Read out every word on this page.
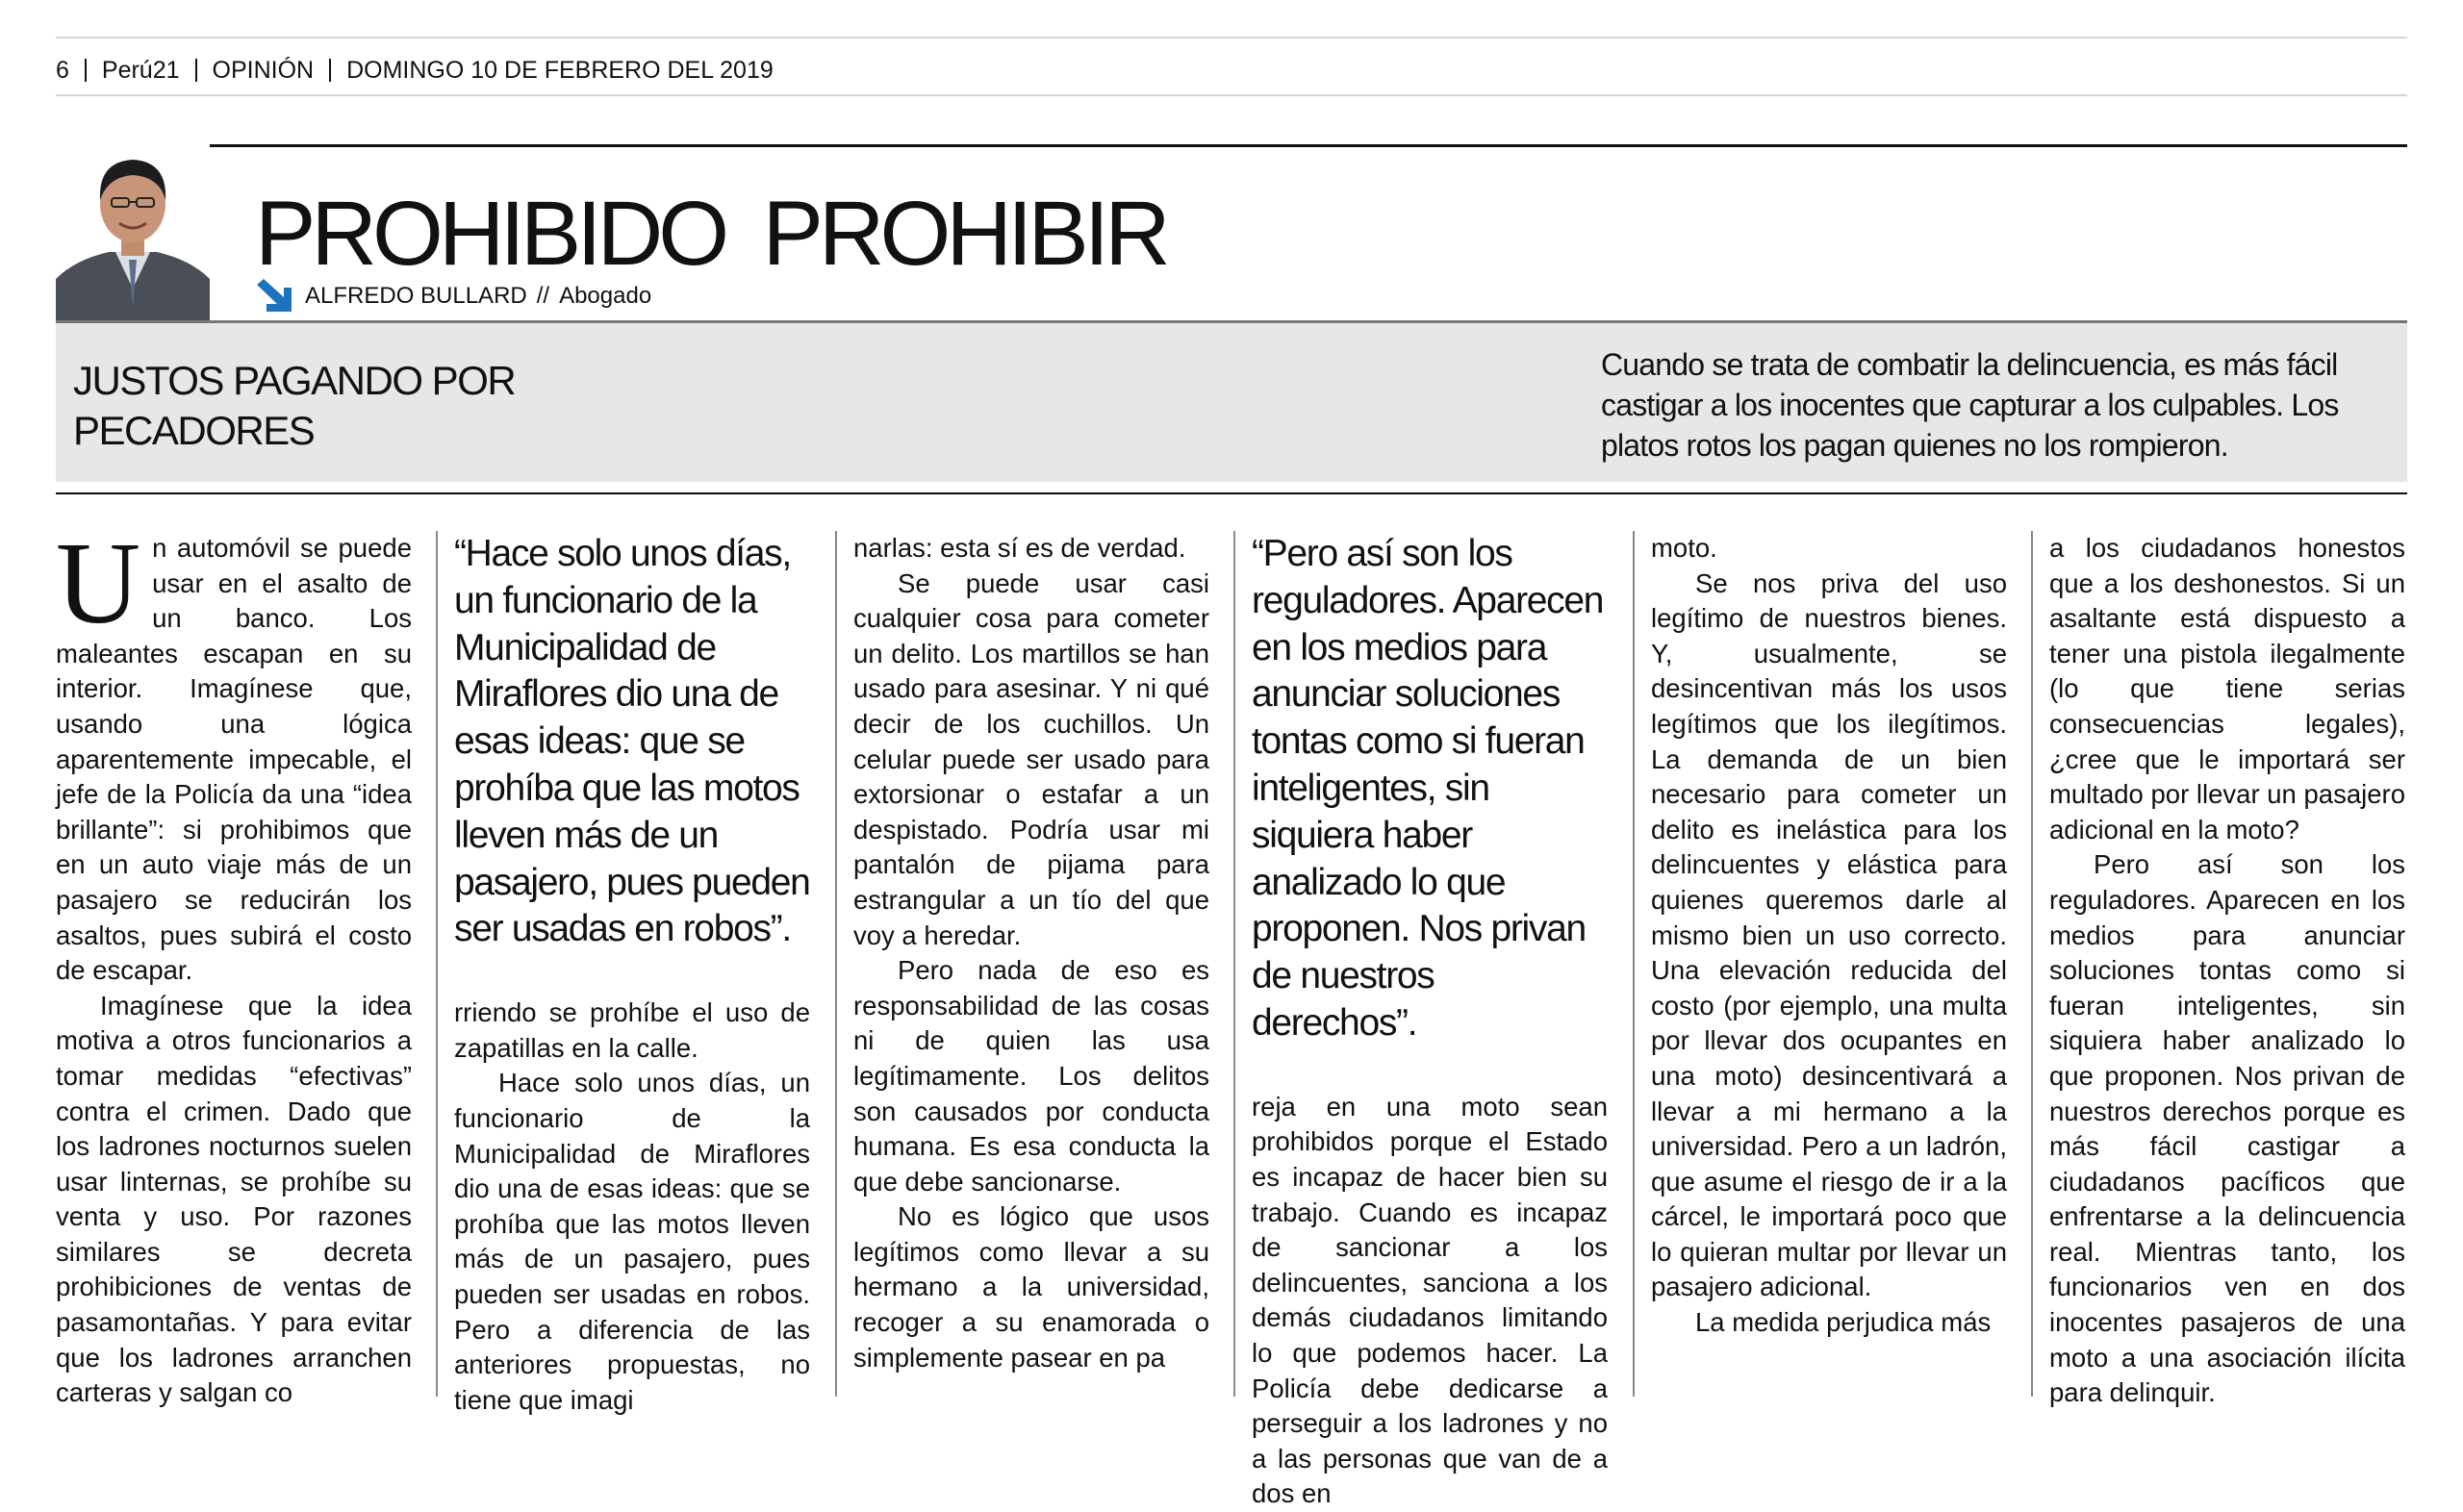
6 Perú21 OPINIÓN DOMINGO 10 DE FEBRERO DEL 2019
PROHIBIDO PROHIBIR
ALFREDO BULLARD // Abogado
JUSTOS PAGANDO POR PECADORES

Cuando se trata de combatir la delincuencia, es más fácil castigar a los inocentes que capturar a los culpables. Los platos rotos los pagan quienes no los rompieron.

Un automóvil se puede usar en el asalto de un banco. Los maleantes escapan en su interior. Imagínese que, usando una lógica aparentemente impecable, el jefe de la Policía da una “idea brillante”: si prohibimos que en un auto viaje más de un pasajero se reducirán los asaltos, pues subirá el costo de escapar.

Imagínese que la idea motiva a otros funcionarios a tomar medidas “efectivas” contra el crimen. Dado que los ladrones nocturnos suelen usar linternas, se prohíbe su venta y uso. Por razones similares se decreta prohibiciones de ventas de pasamontañas. Y para evitar que los ladrones arranchen carteras y salgan co

“Hace solo unos días, un funcionario de la Municipalidad de Miraflores dio una de esas ideas: que se prohíba que las motos lleven más de un pasajero, pues pueden ser usadas en robos”.

rriendo se prohíbe el uso de zapatillas en la calle.

Hace solo unos días, un funcionario de la Municipalidad de Miraflores dio una de esas ideas: que se prohíba que las motos lleven más de un pasajero, pues pueden ser usadas en robos. Pero a diferencia de las anteriores propuestas, no tiene que imagi

narlas: esta sí es de verdad.

Se puede usar casi cualquier cosa para cometer un delito. Los martillos se han usado para asesinar. Y ni qué decir de los cuchillos. Un celular puede ser usado para extorsionar o estafar a un despistado. Podría usar mi pantalón de pijama para estrangular a un tío del que voy a heredar.

Pero nada de eso es responsabilidad de las cosas ni de quien las usa legítimamente. Los delitos son causados por conducta humana. Es esa conducta la que debe sancionarse.

No es lógico que usos legítimos como llevar a su hermano a la universidad, recoger a su enamorada o simplemente pasear en pa

“Pero así son los reguladores. Aparecen en los medios para anunciar soluciones tontas como si fueran inteligentes, sin siquiera haber analizado lo que proponen. Nos privan de nuestros derechos”.

reja en una moto sean prohibidos porque el Estado es incapaz de hacer bien su trabajo. Cuando es incapaz de sancionar a los delincuentes, sanciona a los demás ciudadanos limitando lo que podemos hacer. La Policía debe dedicarse a perseguir a los ladrones y no a las personas que van de a dos en

moto.

Se nos priva del uso legítimo de nuestros bienes. Y, usualmente, se desincentivan más los usos legítimos que los ilegítimos. La demanda de un bien necesario para cometer un delito es inelástica para los delincuentes y elástica para quienes queremos darle al mismo bien un uso correcto. Una elevación reducida del costo (por ejemplo, una multa por llevar dos ocupantes en una moto) desincentivará a llevar a mi hermano a la universidad. Pero a un ladrón, que asume el riesgo de ir a la cárcel, le importará poco que lo quieran multar por llevar un pasajero adicional.

La medida perjudica más

a los ciudadanos honestos que a los deshonestos. Si un asaltante está dispuesto a tener una pistola ilegalmente (lo que tiene serias consecuencias legales), ¿cree que le importará ser multado por llevar un pasajero adicional en la moto?

Pero así son los reguladores. Aparecen en los medios para anunciar soluciones tontas como si fueran inteligentes, sin siquiera haber analizado lo que proponen. Nos privan de nuestros derechos porque es más fácil castigar a ciudadanos pacíficos que enfrentarse a la delincuencia real. Mientras tanto, los funcionarios ven en dos inocentes pasajeros de una moto a una asociación ilícita para delinquir.
